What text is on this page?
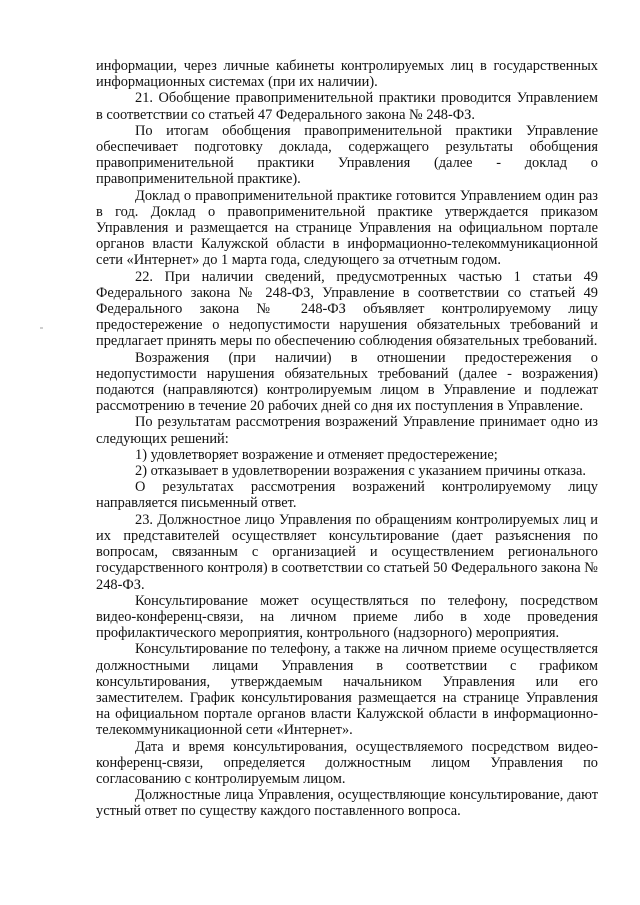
информации, через личные кабинеты контролируемых лиц в государственных информационных системах (при их наличии).

21. Обобщение правоприменительной практики проводится Управлением в соответствии со статьей 47 Федерального закона № 248-ФЗ.

По итогам обобщения правоприменительной практики Управление обеспечивает подготовку доклада, содержащего результаты обобщения правоприменительной практики Управления (далее - доклад о правоприменительной практике).

Доклад о правоприменительной практике готовится Управлением один раз в год. Доклад о правоприменительной практике утверждается приказом Управления и размещается на странице Управления на официальном портале органов власти Калужской области в информационно-телекоммуникационной сети «Интернет» до 1 марта года, следующего за отчетным годом.

22. При наличии сведений, предусмотренных частью 1 статьи 49 Федерального закона № 248-ФЗ, Управление в соответствии со статьей 49 Федерального закона № 248-ФЗ объявляет контролируемому лицу предостережение о недопустимости нарушения обязательных требований и предлагает принять меры по обеспечению соблюдения обязательных требований.

Возражения (при наличии) в отношении предостережения о недопустимости нарушения обязательных требований (далее - возражения) подаются (направляются) контролируемым лицом в Управление и подлежат рассмотрению в течение 20 рабочих дней со дня их поступления в Управление.

По результатам рассмотрения возражений Управление принимает одно из следующих решений:

1) удовлетворяет возражение и отменяет предостережение;

2) отказывает в удовлетворении возражения с указанием причины отказа.

О результатах рассмотрения возражений контролируемому лицу направляется письменный ответ.

23. Должностное лицо Управления по обращениям контролируемых лиц и их представителей осуществляет консультирование (дает разъяснения по вопросам, связанным с организацией и осуществлением регионального государственного контроля) в соответствии со статьей 50 Федерального закона № 248-ФЗ.

Консультирование может осуществляться по телефону, посредством видео-конференц-связи, на личном приеме либо в ходе проведения профилактического мероприятия, контрольного (надзорного) мероприятия.

Консультирование по телефону, а также на личном приеме осуществляется должностными лицами Управления в соответствии с графиком консультирования, утверждаемым начальником Управления или его заместителем. График консультирования размещается на странице Управления на официальном портале органов власти Калужской области в информационно-телекоммуникационной сети «Интернет».

Дата и время консультирования, осуществляемого посредством видео-конференц-связи, определяется должностным лицом Управления по согласованию с контролируемым лицом.

Должностные лица Управления, осуществляющие консультирование, дают устный ответ по существу каждого поставленного вопроса.
